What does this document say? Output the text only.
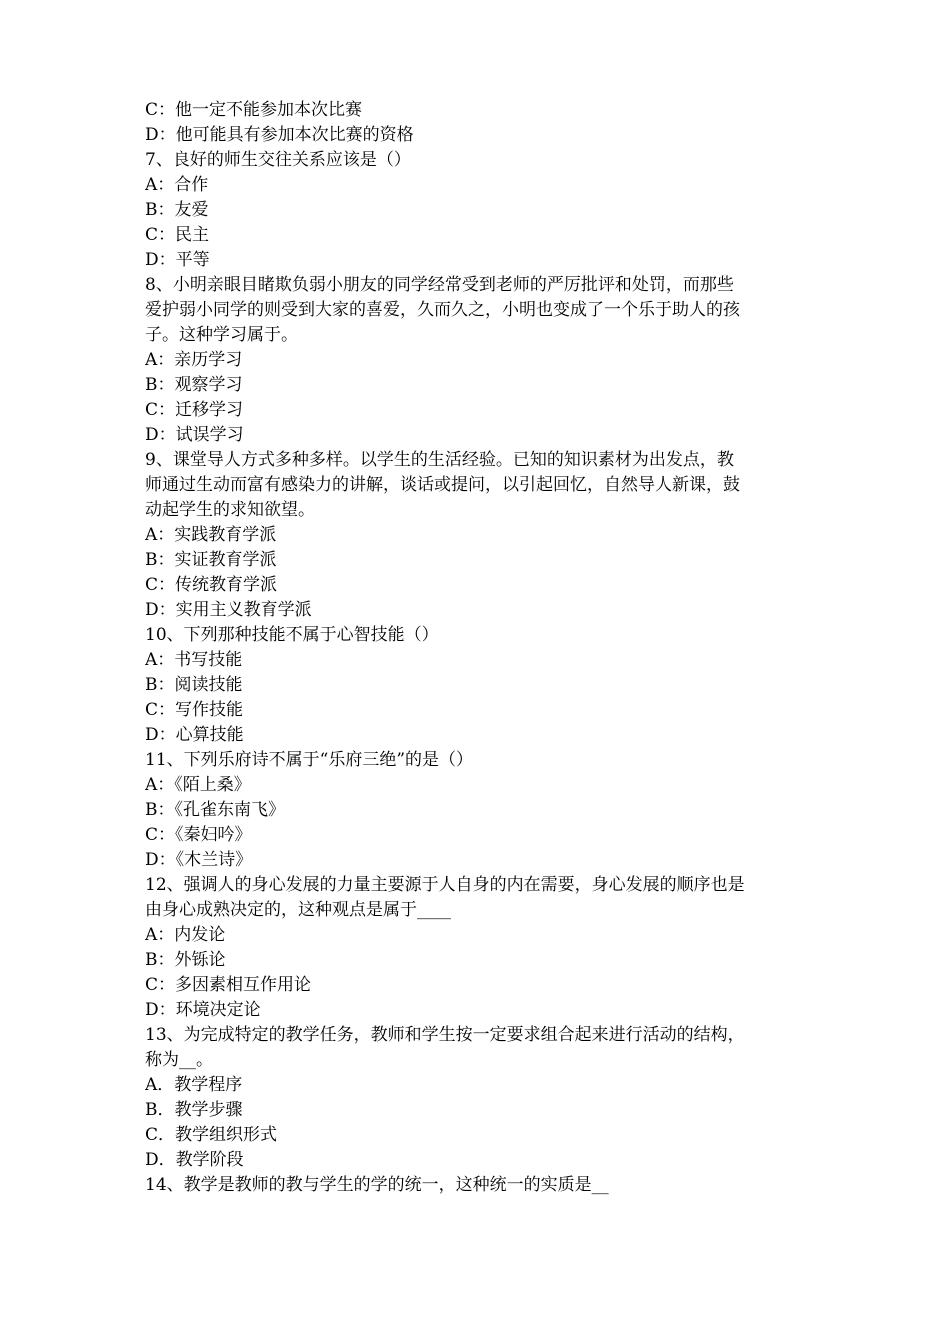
C：他一定不能参加本次比赛
D：他可能具有参加本次比赛的资格
7、良好的师生交往关系应该是（）
A：合作
B：友爱
C：民主
D：平等
8、小明亲眼目睹欺负弱小朋友的同学经常受到老师的严厉批评和处罚，而那些
爱护弱小同学的则受到大家的喜爱，久而久之，小明也变成了一个乐于助人的孩
子。这种学习属于。
A：亲历学习
B：观察学习
C：迁移学习
D：试误学习
9、课堂导人方式多种多样。以学生的生活经验。已知的知识素材为出发点，教
师通过生动而富有感染力的讲解，谈话或提问，以引起回忆，自然导人新课，鼓
动起学生的求知欲望。
A：实践教育学派
B：实证教育学派
C：传统教育学派
D：实用主义教育学派
10、下列那种技能不属于心智技能（）
A：书写技能
B：阅读技能
C：写作技能
D：心算技能
11、下列乐府诗不属于“乐府三绝”的是（）
A：《陌上桑》
B：《孔雀东南飞》
C：《秦妇吟》
D：《木兰诗》
12、强调人的身心发展的力量主要源于人自身的内在需要，身心发展的顺序也是
由身心成熟决定的，这种观点是属于____
A：内发论
B：外铄论
C：多因素相互作用论
D：环境决定论
13、为完成特定的教学任务，教师和学生按一定要求组合起来进行活动的结构，
称为__。
A．教学程序
B．教学步骤
C．教学组织形式
D．教学阶段
14、教学是教师的教与学生的学的统一，这种统一的实质是__
